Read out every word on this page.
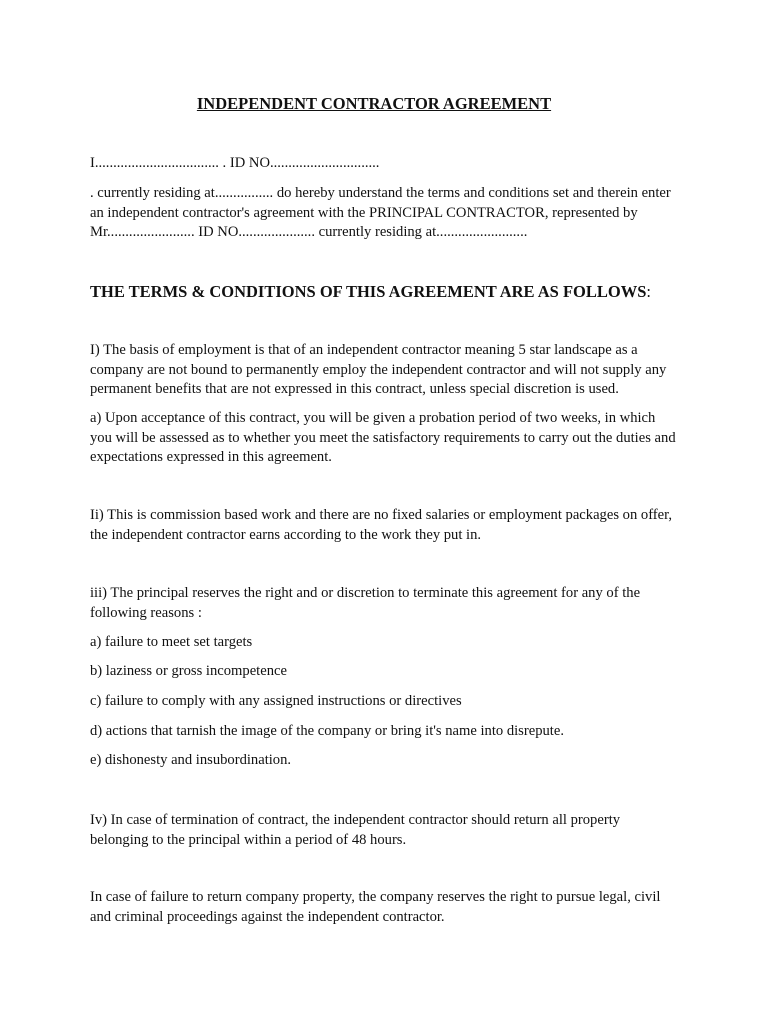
INDEPENDENT CONTRACTOR AGREEMENT

I.................................. . ID NO..............................

. currently residing at................ do hereby understand the terms and conditions set and therein enter an independent contractor's agreement with the PRINCIPAL CONTRACTOR, represented by Mr........................ ID NO..................... currently residing at.........................

THE TERMS & CONDITIONS OF THIS AGREEMENT ARE AS FOLLOWS:

I) The basis of employment is that of an independent contractor meaning 5 star landscape as a company are not bound to permanently employ the independent contractor and will not supply any permanent benefits that are not expressed in this contract, unless special discretion is used.

a) Upon acceptance of this contract, you will be given a probation period of two weeks, in which you will be assessed as to whether you meet the satisfactory requirements to carry out the duties and expectations expressed in this agreement.

Ii) This is commission based work and there are no fixed salaries or employment packages on offer, the independent contractor earns according to the work they put in.

iii) The principal reserves the right and or discretion to terminate this agreement for any of the following reasons :

a) failure to meet set targets

b) laziness or gross incompetence

c) failure to comply with any assigned instructions or directives

d) actions that tarnish the image of the company or bring it's name into disrepute.

e) dishonesty and insubordination.

Iv) In case of termination of contract, the independent contractor should return all property belonging to the principal within a period of 48 hours.

In case of failure to return company property, the company reserves the right to pursue legal, civil and criminal proceedings against the independent contractor.
